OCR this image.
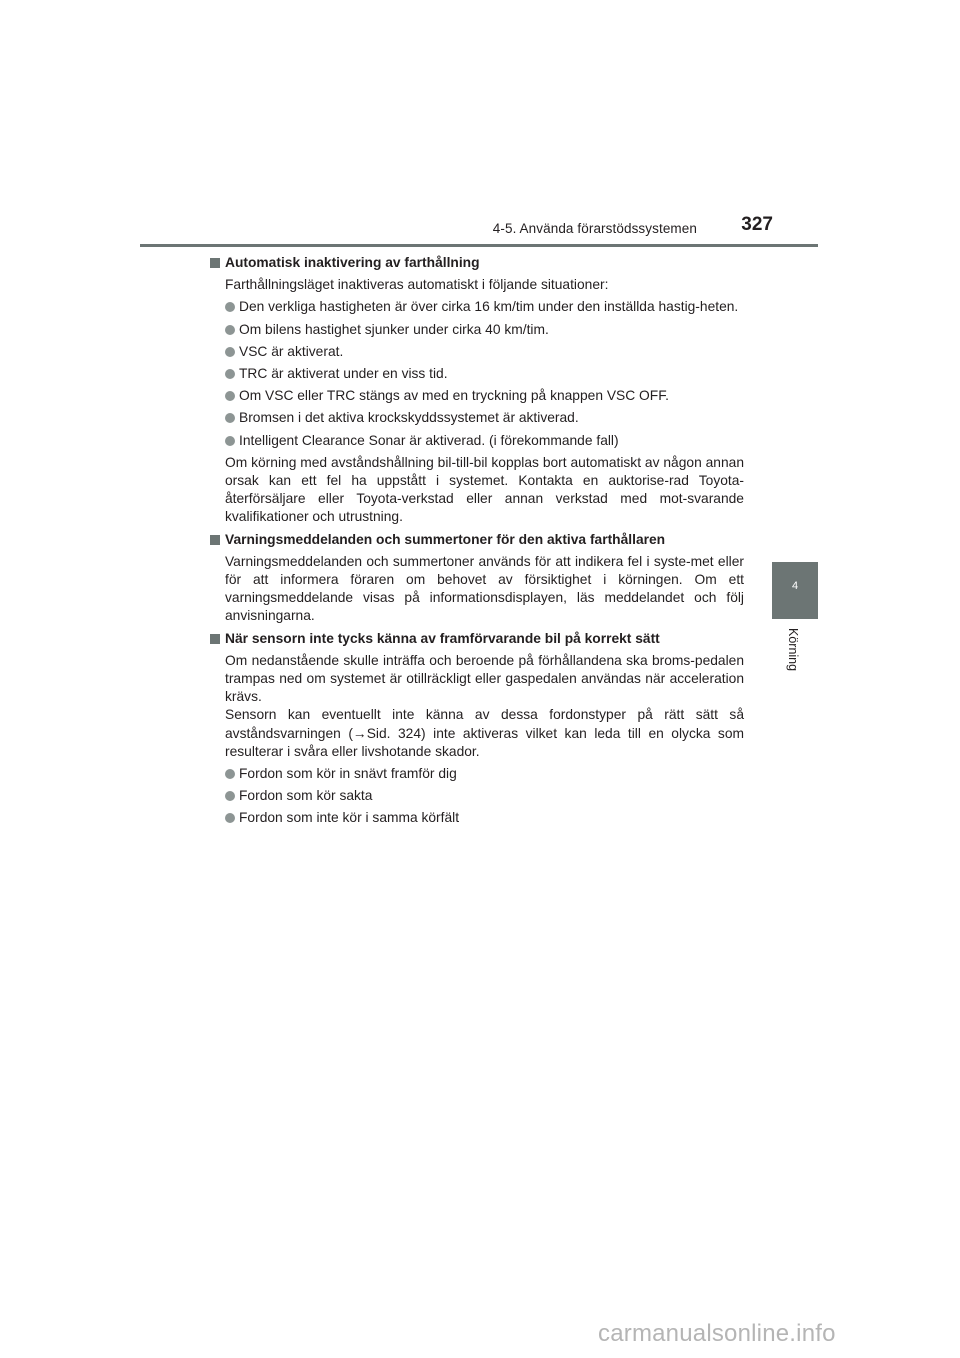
4-5. Använda förarstödssystemen 327
4
Körning
Automatisk inaktivering av farthållning
Farthållningsläget inaktiveras automatiskt i följande situationer:
Den verkliga hastigheten är över cirka 16 km/tim under den inställda hastig-heten.
Om bilens hastighet sjunker under cirka 40 km/tim.
VSC är aktiverat.
TRC är aktiverat under en viss tid.
Om VSC eller TRC stängs av med en tryckning på knappen VSC OFF.
Bromsen i det aktiva krockskyddssystemet är aktiverad.
Intelligent Clearance Sonar är aktiverad. (i förekommande fall)
Om körning med avståndshållning bil-till-bil kopplas bort automatiskt av någon annan orsak kan ett fel ha uppstått i systemet. Kontakta en auktorise-rad Toyota-återförsäljare eller Toyota-verkstad eller annan verkstad med mot-svarande kvalifikationer och utrustning.
Varningsmeddelanden och summertoner för den aktiva farthållaren
Varningsmeddelanden och summertoner används för att indikera fel i syste-met eller för att informera föraren om behovet av försiktighet i körningen. Om ett varningsmeddelande visas på informationsdisplayen, läs meddelandet och följ anvisningarna.
När sensorn inte tycks känna av framförvarande bil på korrekt sätt
Om nedanstående skulle inträffa och beroende på förhållandena ska broms-pedalen trampas ned om systemet är otillräckligt eller gaspedalen användas när acceleration krävs.
Sensorn kan eventuellt inte känna av dessa fordonstyper på rätt sätt så avståndsvarningen (→Sid. 324) inte aktiveras vilket kan leda till en olycka som resulterar i svåra eller livshotande skador.
Fordon som kör in snävt framför dig
Fordon som kör sakta
Fordon som inte kör i samma körfält
carmanualsonline.info
